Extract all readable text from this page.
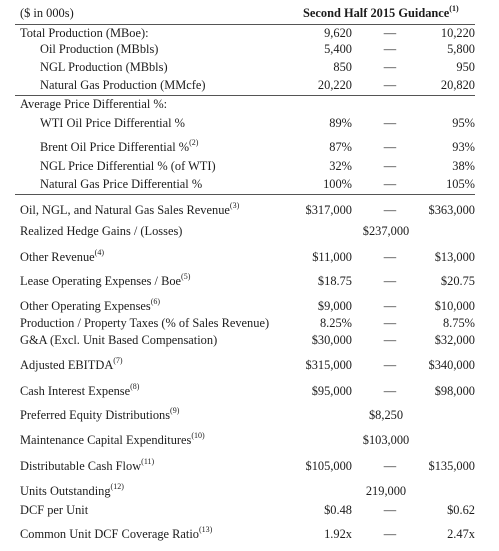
($ in 000s)	Second Half 2015 Guidance$^{(1)}$
Total Production (MBoe):	9,620	—	10,220
Oil Production (MBbls)	5,400	—	5,800
NGL Production (MBbls)	850	—	950
Natural Gas Production (MMcfe)	20,220	—	20,820
Average Price Differential %:
WTI Oil Price Differential %	89%	—	95%
Brent Oil Price Differential %$^{(2)}$	87%	—	93%
NGL Price Differential % (of WTI)	32%	—	38%
Natural Gas Price Differential %	100%	—	105%
Oil, NGL, and Natural Gas Sales Revenue$^{(3)}$	$317,000	—	$363,000
Realized Hedge Gains / (Losses)	$237,000
Other Revenue$^{(4)}$	$11,000	—	$13,000
Lease Operating Expenses / Boe$^{(5)}$	$18.75	—	$20.75
Other Operating Expenses$^{(6)}$	$9,000	—	$10,000
Production / Property Taxes (% of Sales Revenue)	8.25%	—	8.75%
G&A (Excl. Unit Based Compensation)	$30,000	—	$32,000
Adjusted EBITDA$^{(7)}$	$315,000	—	$340,000
Cash Interest Expense$^{(8)}$	$95,000	—	$98,000
Preferred Equity Distributions$^{(9)}$	$8,250
Maintenance Capital Expenditures$^{(10)}$	$103,000
Distributable Cash Flow$^{(11)}$	$105,000	—	$135,000
Units Outstanding$^{(12)}$	219,000
DCF per Unit	$0.48	—	$0.62
Common Unit DCF Coverage Ratio$^{(13)}$	1.92x	—	2.47x
